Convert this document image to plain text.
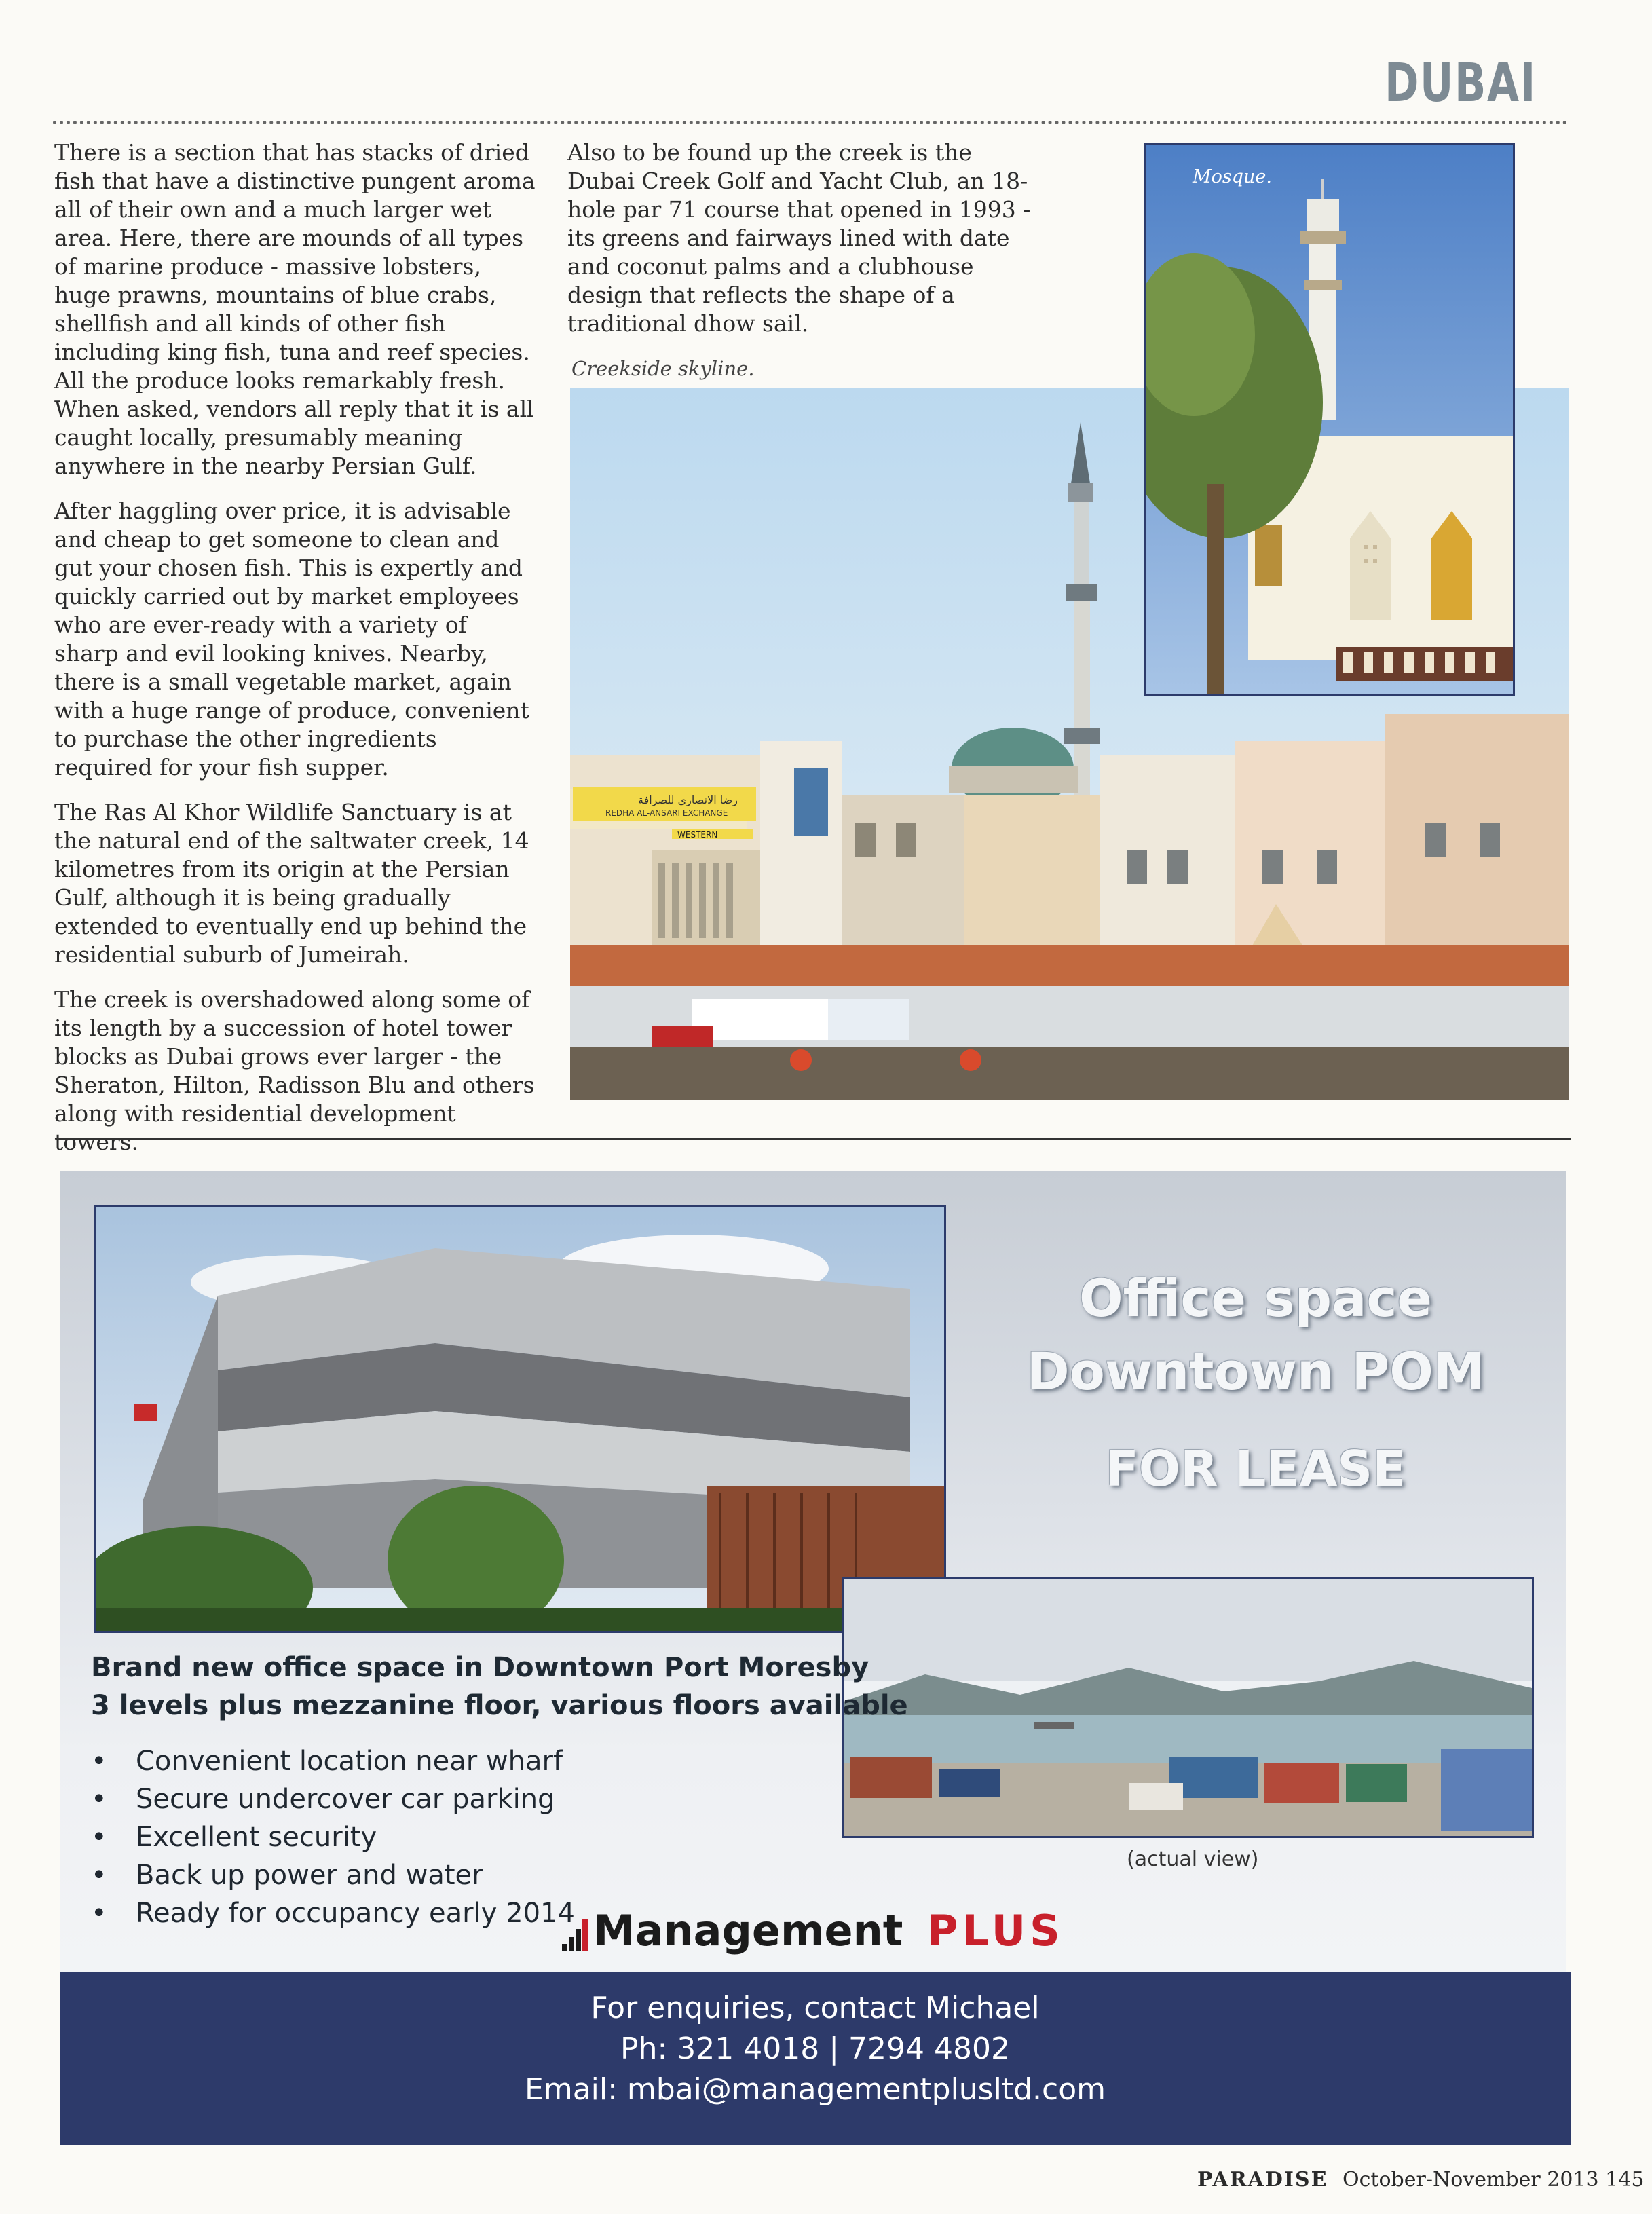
DUBAI

There is a section that has stacks of dried fish that have a distinctive pungent aroma all of their own and a much larger wet area. Here, there are mounds of all types of marine produce - massive lobsters, huge prawns, mountains of blue crabs, shellfish and all kinds of other fish including king fish, tuna and reef species. All the produce looks remarkably fresh. When asked, vendors all reply that it is all caught locally, presumably meaning anywhere in the nearby Persian Gulf.

After haggling over price, it is advisable and cheap to get someone to clean and gut your chosen fish. This is expertly and quickly carried out by market employees who are ever-ready with a variety of sharp and evil looking knives. Nearby, there is a small vegetable market, again with a huge range of produce, convenient to purchase the other ingredients required for your fish supper.

The Ras Al Khor Wildlife Sanctuary is at the natural end of the saltwater creek, 14 kilometres from its origin at the Persian Gulf, although it is being gradually extended to eventually end up behind the residential suburb of Jumeirah.

The creek is overshadowed along some of its length by a succession of hotel tower blocks as Dubai grows ever larger - the Sheraton, Hilton, Radisson Blu and others along with residential development towers.

Also to be found up the creek is the Dubai Creek Golf and Yacht Club, an 18-hole par 71 course that opened in 1993 - its greens and fairways lined with date and coconut palms and a clubhouse design that reflects the shape of a traditional dhow sail.

Creekside skyline.
رضا الانصاري للصرافة
REDHA AL-ANSARI EXCHANGE
WESTERN
Mosque.
Office space
Downtown POM
FOR LEASE
(actual view)
Brand new office space in Downtown Port Moresby
3 levels plus mezzanine floor, various floors available
• Convenient location near wharf
• Secure undercover car parking
• Excellent security
• Back up power and water
• Ready for occupancy early 2014 Management PLUS
For enquiries, contact Michael
Ph: 321 4018 | 7294 4802
Email: mbai@managementplusltd.com
PARADISE October-November 2013 145
